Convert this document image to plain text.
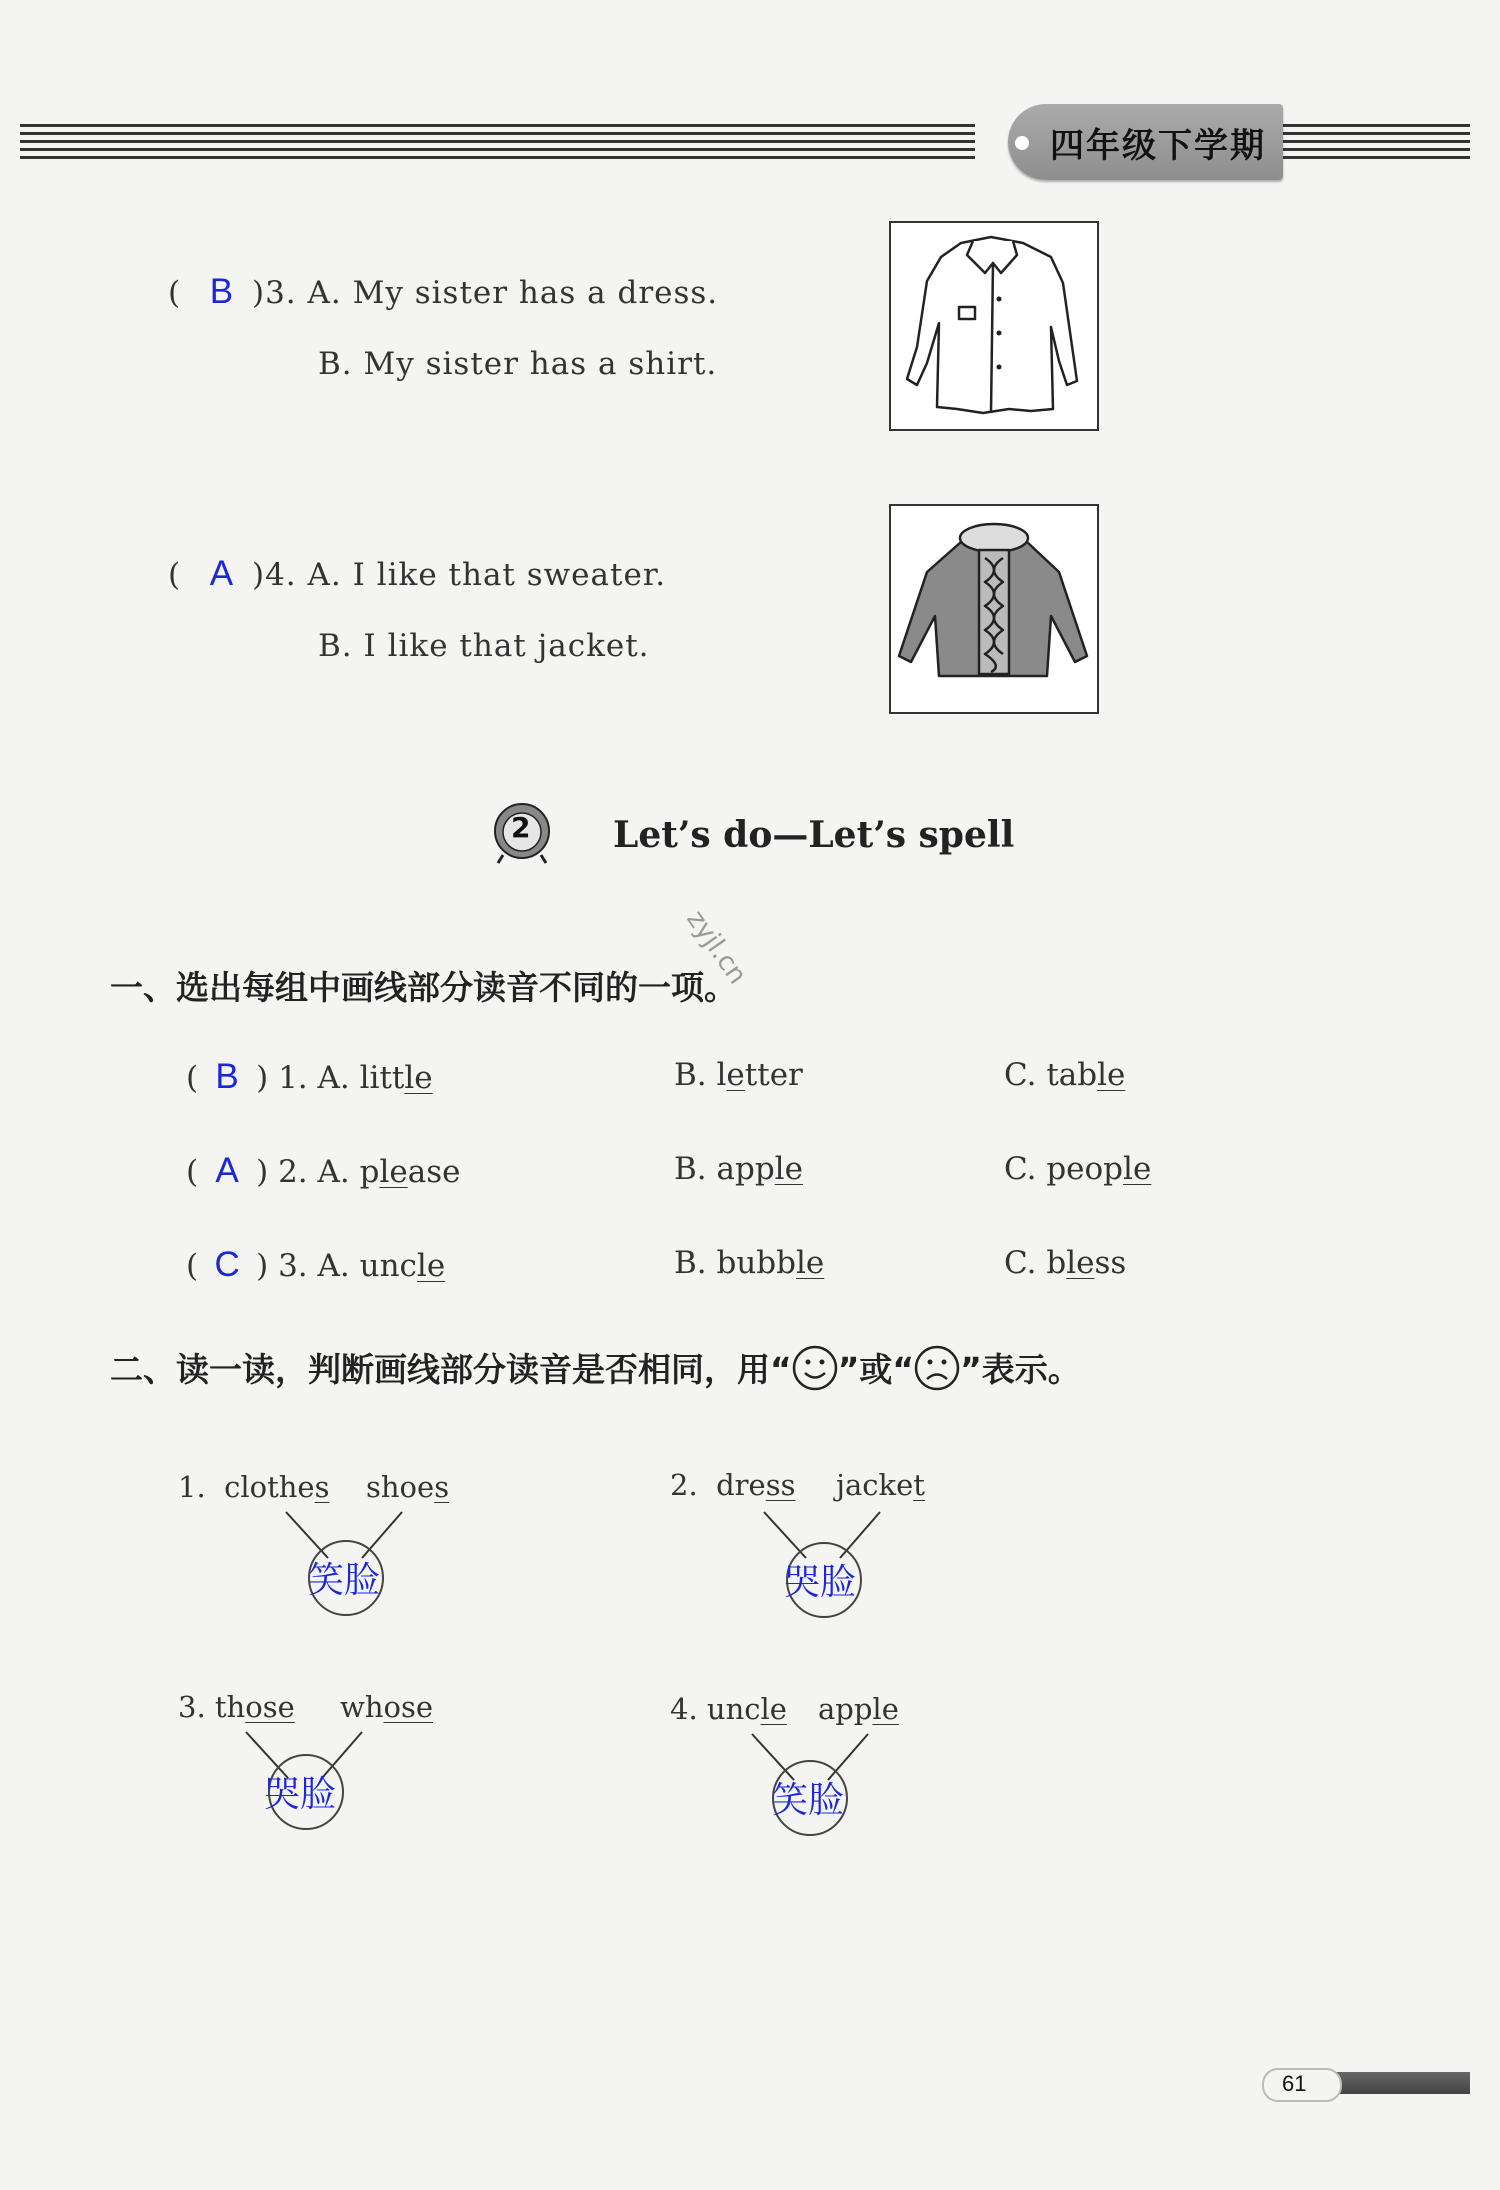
四年级下学期
( B )3. A. My sister has a dress.
B. My sister has a shirt.
( A )4. A. I like that sweater.
B. I like that jacket.
2 Let’s do—Let’s spell
zyjl.cn
一、选出每组中画线部分读音不同的一项。
( B ) 1. A. little	B. letter	C. table
( A ) 2. A. please	B. apple	C. people
( C ) 3. A. uncle	B. bubble	C. bless
二、读一读，判断画线部分读音是否相同，用“ ”或“ ”表示。
1. clothes shoes
笑脸
2. dress jacket
哭脸
3. those whose
哭脸
4. uncle apple
笑脸
61
